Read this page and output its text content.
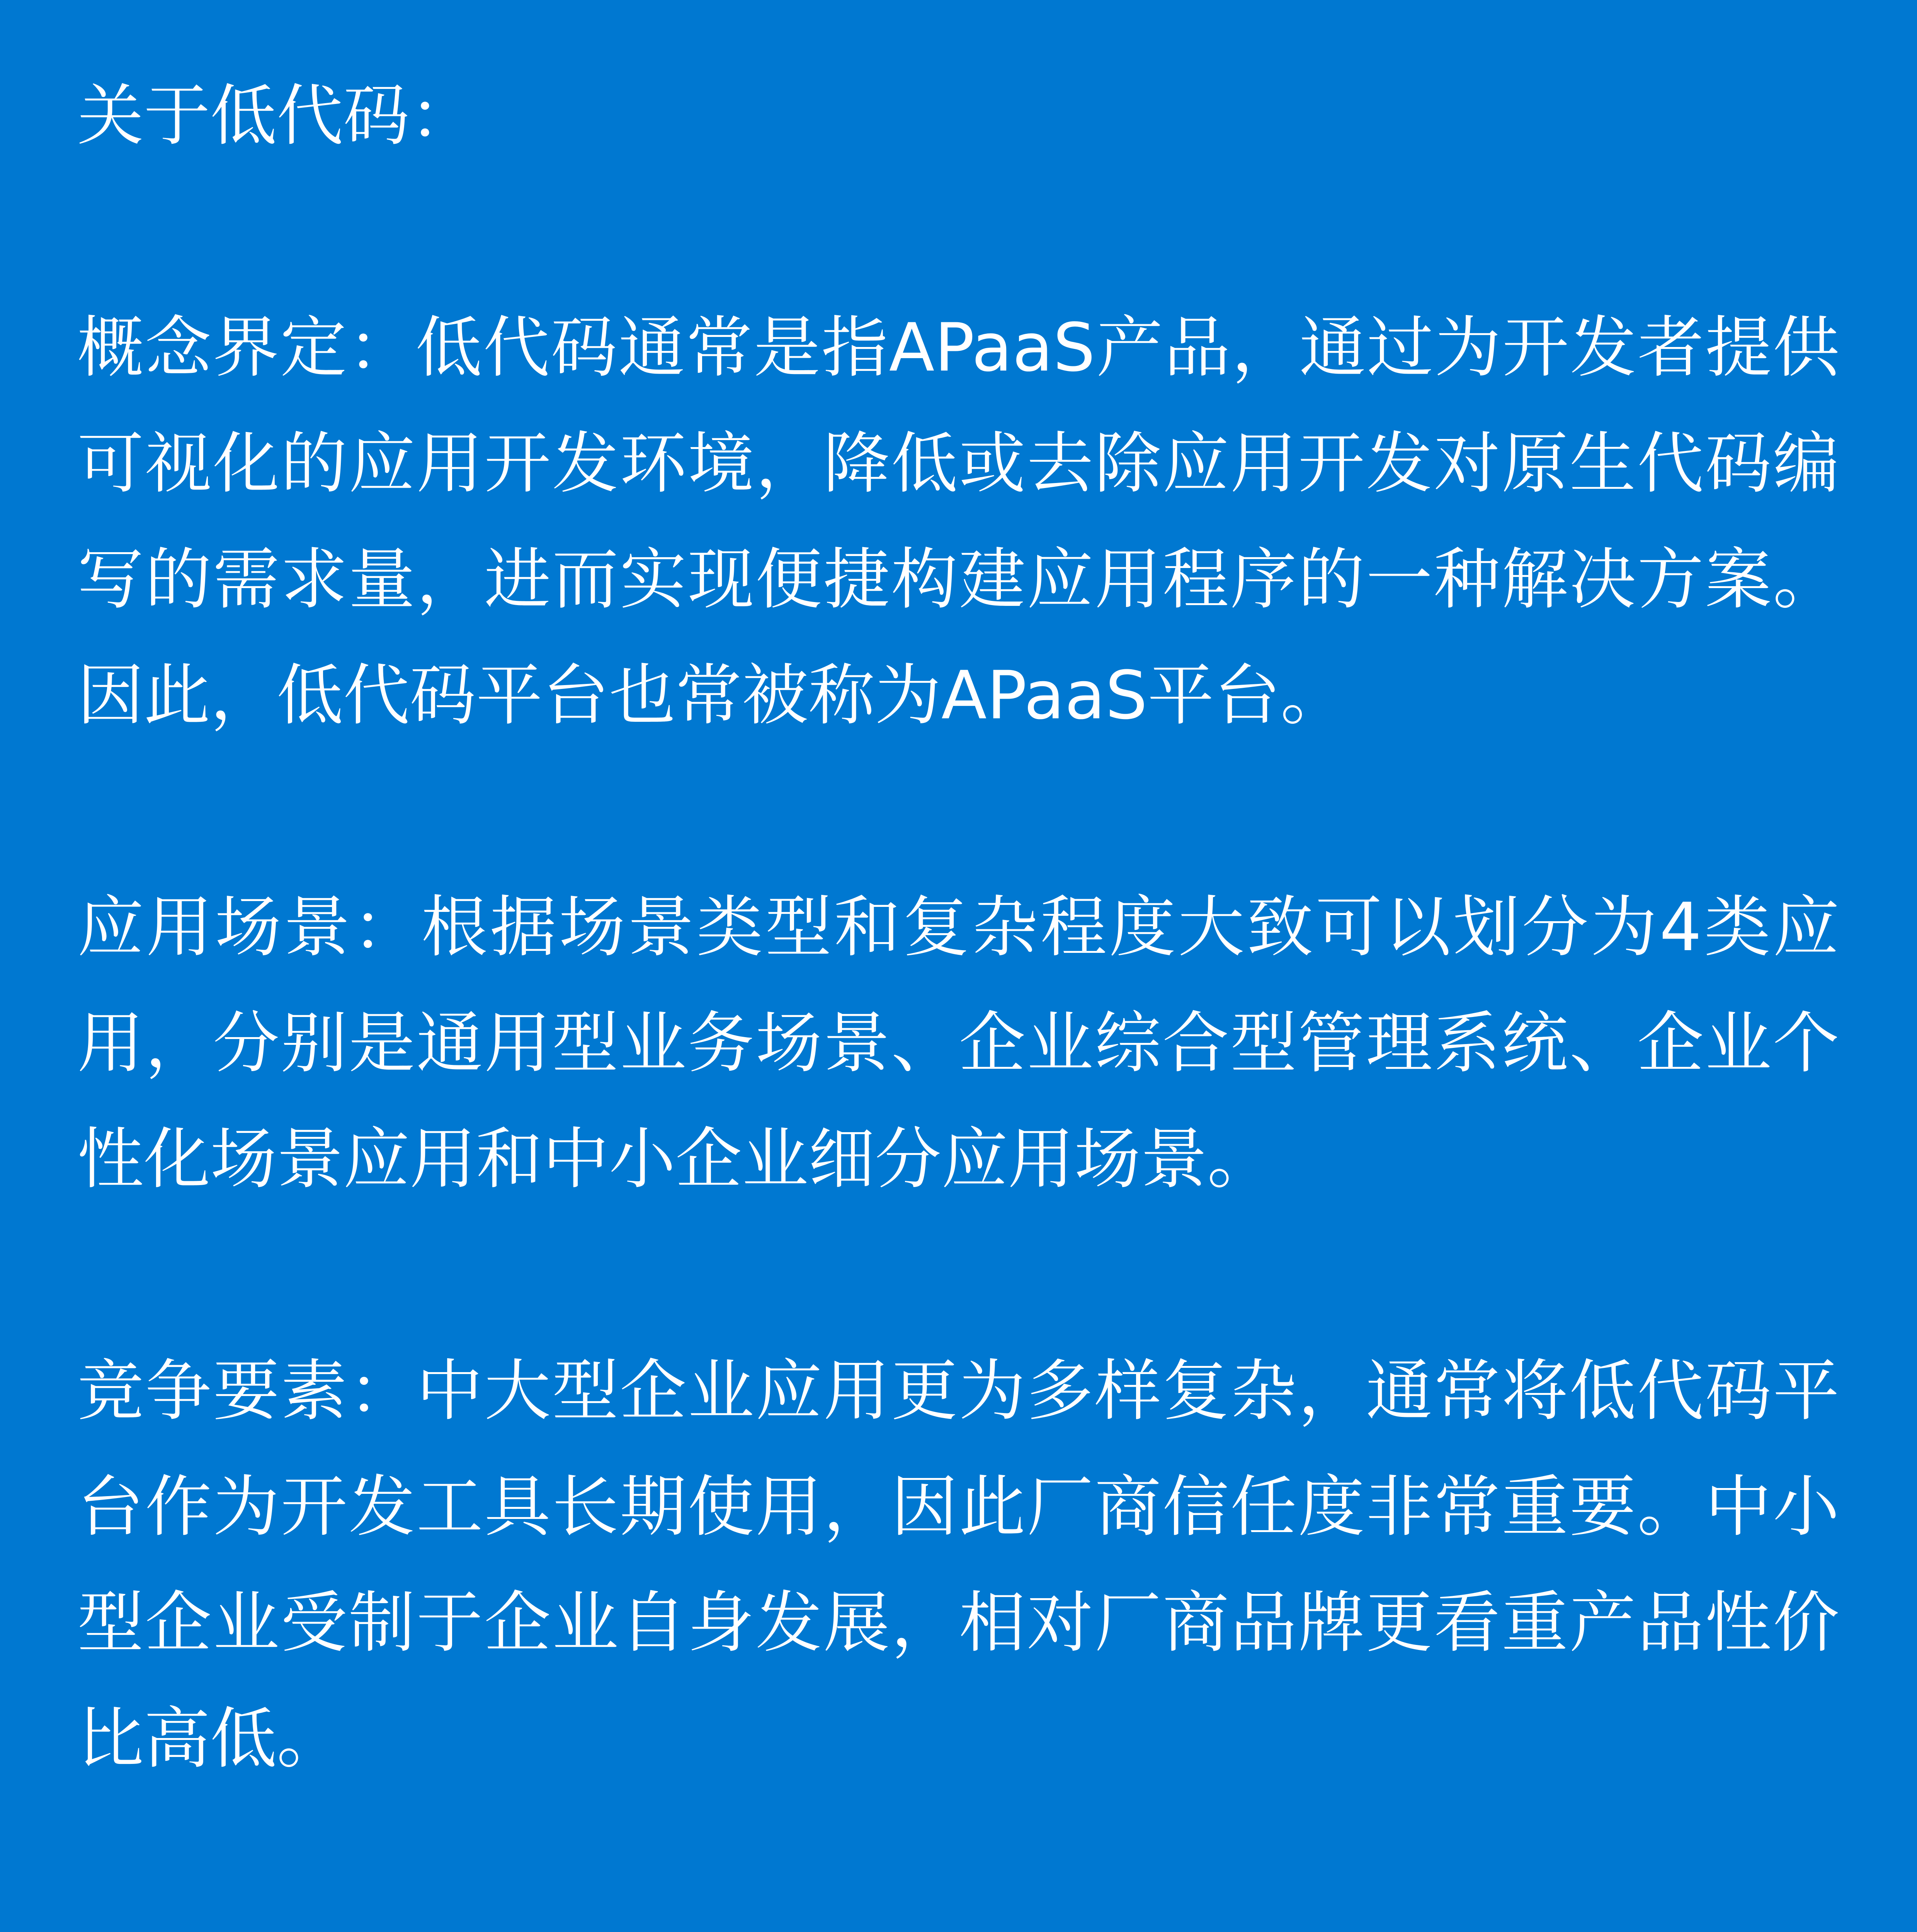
关于低代码：

概念界定：低代码通常是指APaaS产品，通过为开发者提供可视化的应用开发环境，降低或去除应用开发对原生代码编写的需求量，进而实现便捷构建应用程序的一种解决方案。因此，低代码平台也常被称为APaaS平台。

应用场景：根据场景类型和复杂程度大致可以划分为4类应用，分别是通用型业务场景、企业综合型管理系统、企业个性化场景应用和中小企业细分应用场景。

竞争要素：中大型企业应用更为多样复杂，通常将低代码平台作为开发工具长期使用，因此厂商信任度非常重要。中小型企业受制于企业自身发展，相对厂商品牌更看重产品性价比高低。
